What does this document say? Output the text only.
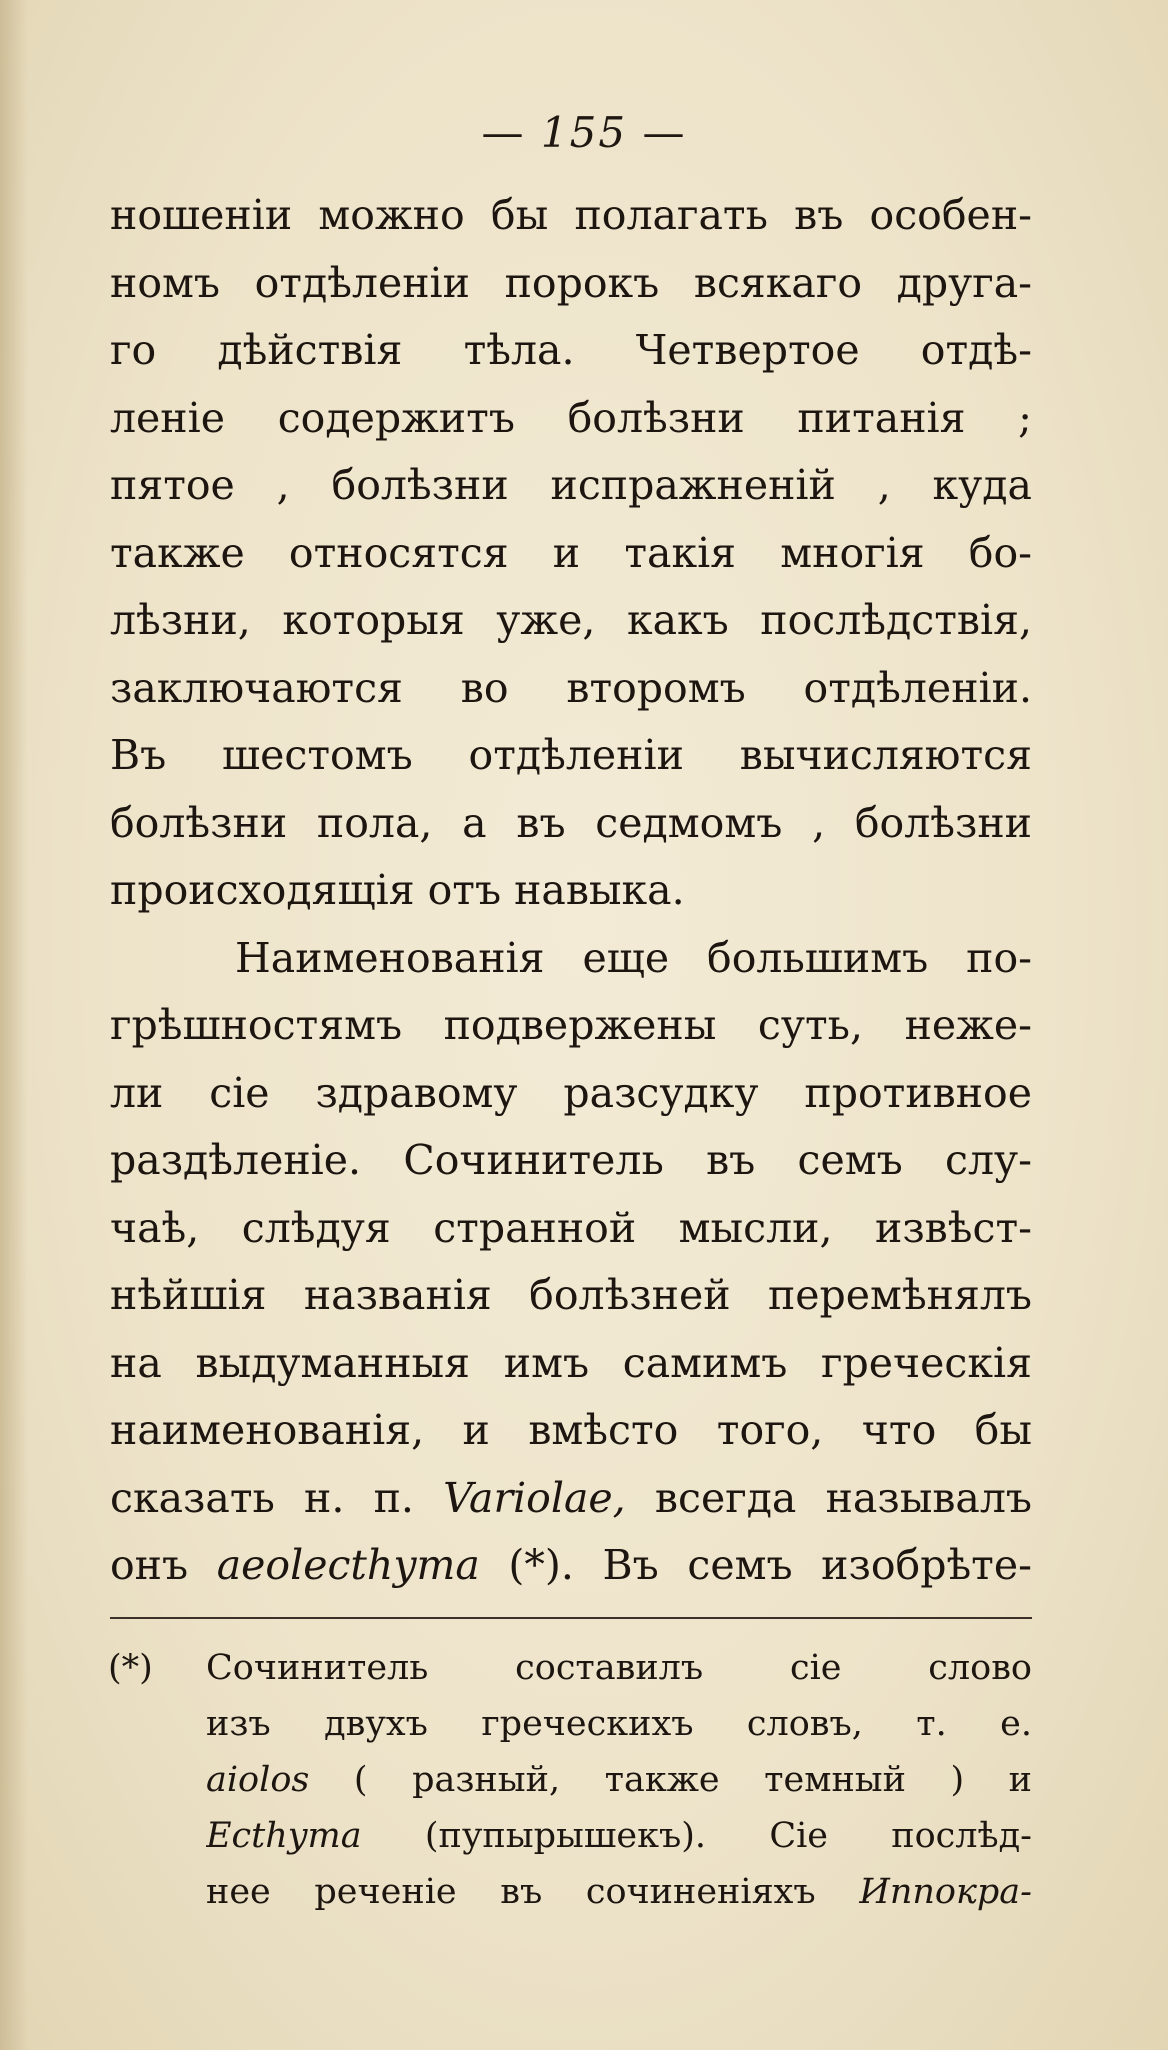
— 155 —
ношеніи можно бы полагать въ особен-
номъ отдѣленіи порокъ всякаго друга-
го дѣйствія тѣла. Четвертое отдѣ-
леніе содержитъ болѣзни питанія ;
пятое , болѣзни испражненій , куда
также относятся и такія многія бо-
лѣзни, которыя уже, какъ послѣдствія,
заключаются во второмъ отдѣленіи.
Въ шестомъ отдѣленіи вычисляются
болѣзни пола, а въ седмомъ , болѣзни
происходящія отъ навыка.
Наименованія еще большимъ по-
грѣшностямъ подвержены суть, неже-
ли сіе здравому разсудку противное
раздѣленіе. Сочинитель въ семъ слу-
чаѣ, слѣдуя странной мысли, извѣст-
нѣйшія названія болѣзней перемѣнялъ
на выдуманныя имъ самимъ греческія
наименованія, и вмѣсто того, что бы
сказать н. п. Variolae, всегда называлъ
онъ aeolecthyma (*). Въ семъ изобрѣте-
(*)	Сочинитель составилъ сіе слово
изъ двухъ греческихъ словъ, т. е.
aiolos ( разный, также темный ) и
Ecthyma (пупырышекъ). Сіе послѣд-
нее реченіе въ сочиненіяхъ Иппокра-
